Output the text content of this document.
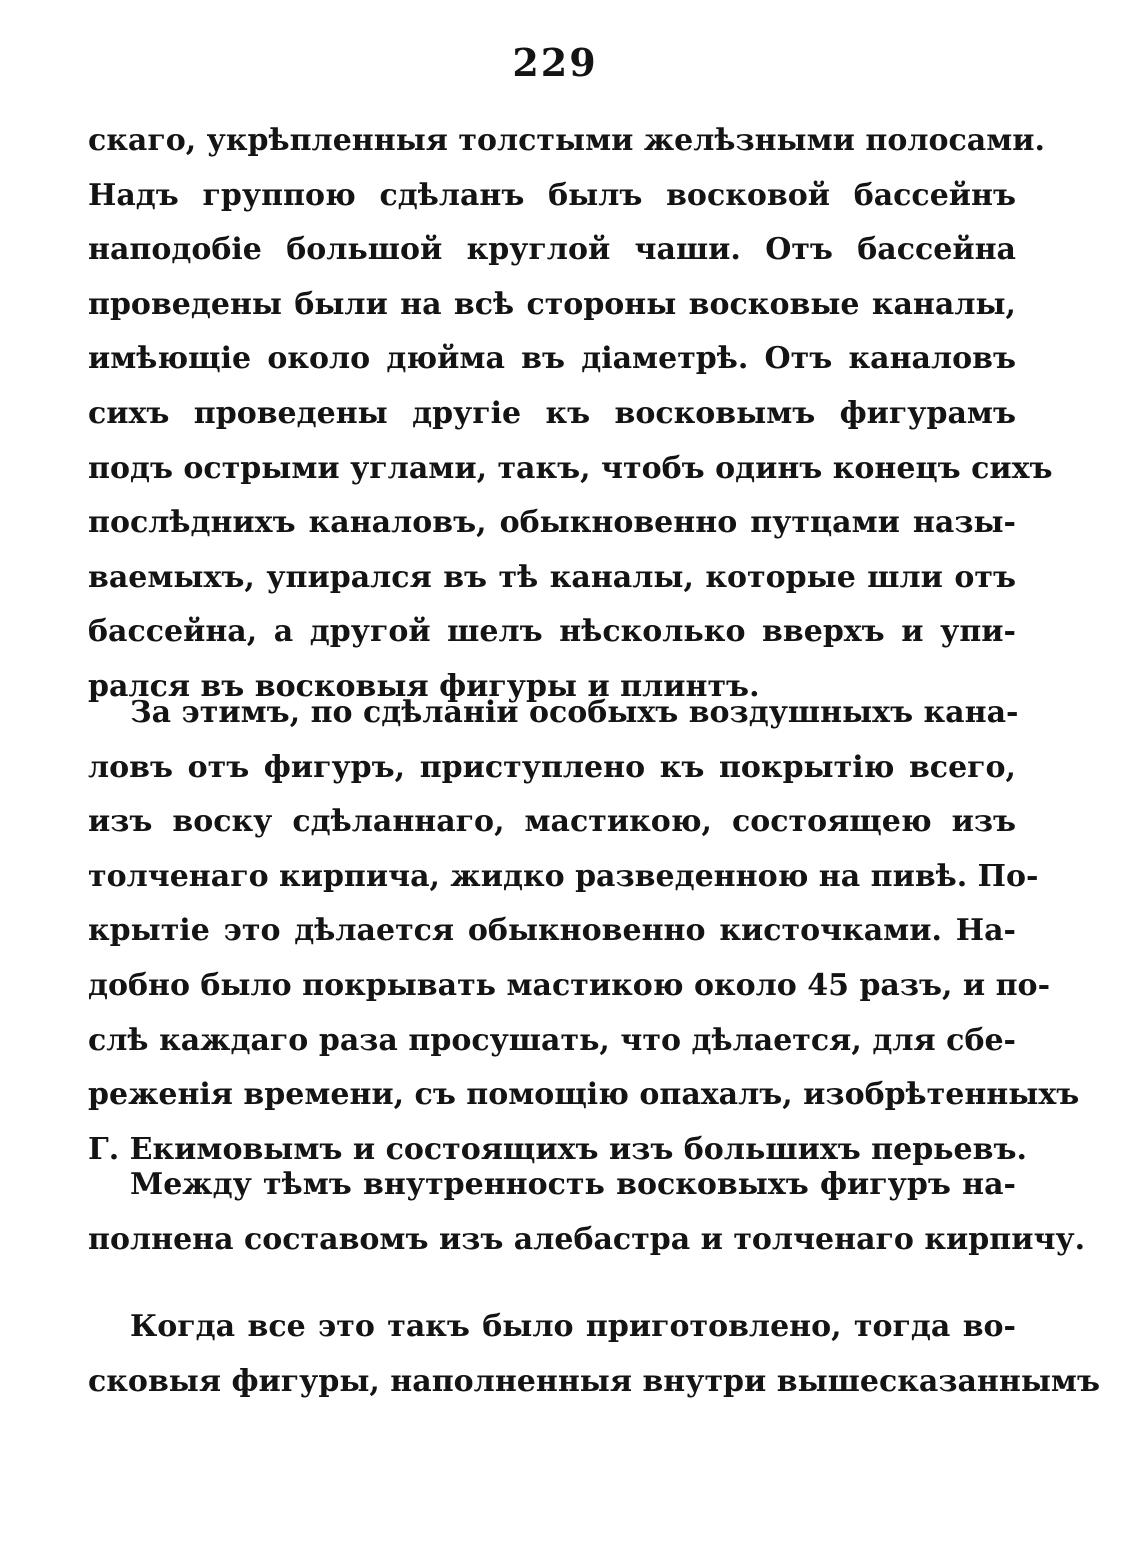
229
скаго, укрѣпленныя толстыми желѣзными полосами.
Надъ группою сдѣланъ былъ восковой бассейнъ
наподобіе большой круглой чаши. Отъ бассейна
проведены были на всѣ стороны восковые каналы,
имѣющіе около дюйма въ діаметрѣ. Отъ каналовъ
сихъ проведены другіе къ восковымъ фигурамъ
подъ острыми углами, такъ, чтобъ одинъ конецъ сихъ
послѣднихъ каналовъ, обыкновенно путцами назы-
ваемыхъ, упирался въ тѣ каналы, которые шли отъ
бассейна, а другой шелъ нѣсколько вверхъ и упи-
рался въ восковыя фигуры и плинтъ.
За этимъ, по сдѣланіи особыхъ воздушныхъ кана-
ловъ отъ фигуръ, приступлено къ покрытію всего,
изъ воску сдѣланнаго, мастикою, состоящею изъ
толченаго кирпича, жидко разведенною на пивѣ. По-
крытіе это дѣлается обыкновенно кисточками. На-
добно было покрывать мастикою около 45 разъ, и по-
слѣ каждаго раза просушать, что дѣлается, для сбе-
реженія времени, съ помощію опахалъ, изобрѣтенныхъ
Г. Екимовымъ и состоящихъ изъ большихъ перьевъ.
Между тѣмъ внутренность восковыхъ фигуръ на-
полнена составомъ изъ алебастра и толченаго кирпичу.
Когда все это такъ было приготовлено, тогда во-
сковыя фигуры, наполненныя внутри вышесказаннымъ
